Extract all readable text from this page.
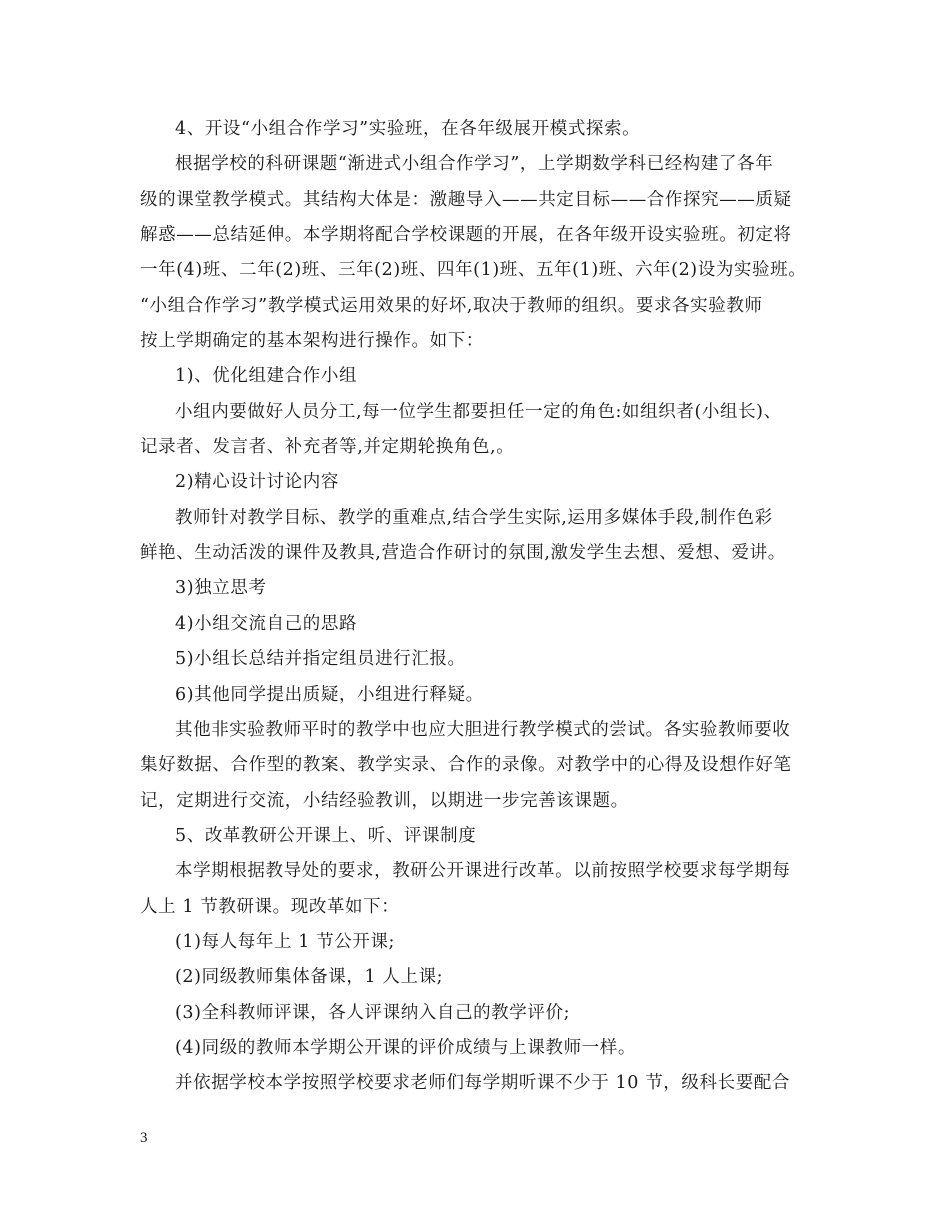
4、开设“小组合作学习”实验班，在各年级展开模式探索。
根据学校的科研课题“渐进式小组合作学习”，上学期数学科已经构建了各年
级的课堂教学模式。其结构大体是：激趣导入——共定目标——合作探究——质疑
解惑——总结延伸。本学期将配合学校课题的开展，在各年级开设实验班。初定将
一年(4)班、二年(2)班、三年(2)班、四年(1)班、五年(1)班、六年(2)设为实验班。
“小组合作学习”教学模式运用效果的好坏,取决于教师的组织。要求各实验教师
按上学期确定的基本架构进行操作。如下：
1)、优化组建合作小组
小组内要做好人员分工,每一位学生都要担任一定的角色:如组织者(小组长)、
记录者、发言者、补充者等,并定期轮换角色,。
2)精心设计讨论内容
教师针对教学目标、教学的重难点,结合学生实际,运用多媒体手段,制作色彩
鲜艳、生动活泼的课件及教具,营造合作研讨的氛围,激发学生去想、爱想、爱讲。
3)独立思考
4)小组交流自己的思路
5)小组长总结并指定组员进行汇报。
6)其他同学提出质疑，小组进行释疑。
其他非实验教师平时的教学中也应大胆进行教学模式的尝试。各实验教师要收
集好数据、合作型的教案、教学实录、合作的录像。对教学中的心得及设想作好笔
记，定期进行交流，小结经验教训，以期进一步完善该课题。
5、改革教研公开课上、听、评课制度
本学期根据教导处的要求，教研公开课进行改革。以前按照学校要求每学期每
人上 1 节教研课。现改革如下：
(1)每人每年上 1 节公开课;
(2)同级教师集体备课，1 人上课;
(3)全科教师评课，各人评课纳入自己的教学评价;
(4)同级的教师本学期公开课的评价成绩与上课教师一样。
并依据学校本学按照学校要求老师们每学期听课不少于 10 节，级科长要配合
3
